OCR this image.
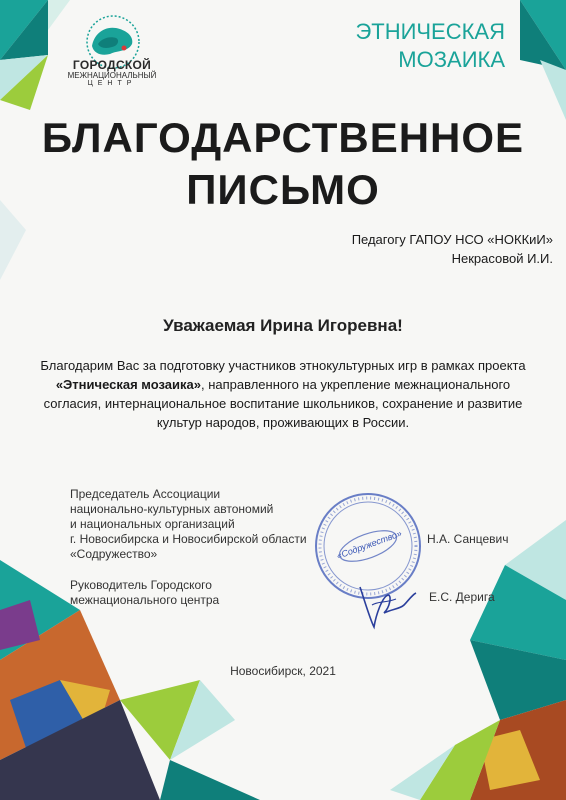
ГОРОДСКОЙ
МЕЖНАЦИОНАЛЬНЫЙ
ЦЕНТР
ЭТНИЧЕСКАЯ
МОЗАИКА
БЛАГОДАРСТВЕННОЕ
ПИСЬМО
Педагогу ГАПОУ НСО «НОККиИ»
Некрасовой И.И.
Уважаемая Ирина Игоревна!
Благодарим Вас за подготовку участников этнокультурных игр в рамках проекта «Этническая мозаика», направленного на укрепление межнационального согласия, интернациональное воспитание школьников, сохранение и развитие культур народов, проживающих в России.
Председатель Ассоциации
национально-культурных автономий
и национальных организаций
г. Новосибирска и Новосибирской области
«Содружество»
Н.А. Санцевич
«Содружество»
Руководитель Городского
межнационального центра	Е.С. Дерига
Новосибирск, 2021
